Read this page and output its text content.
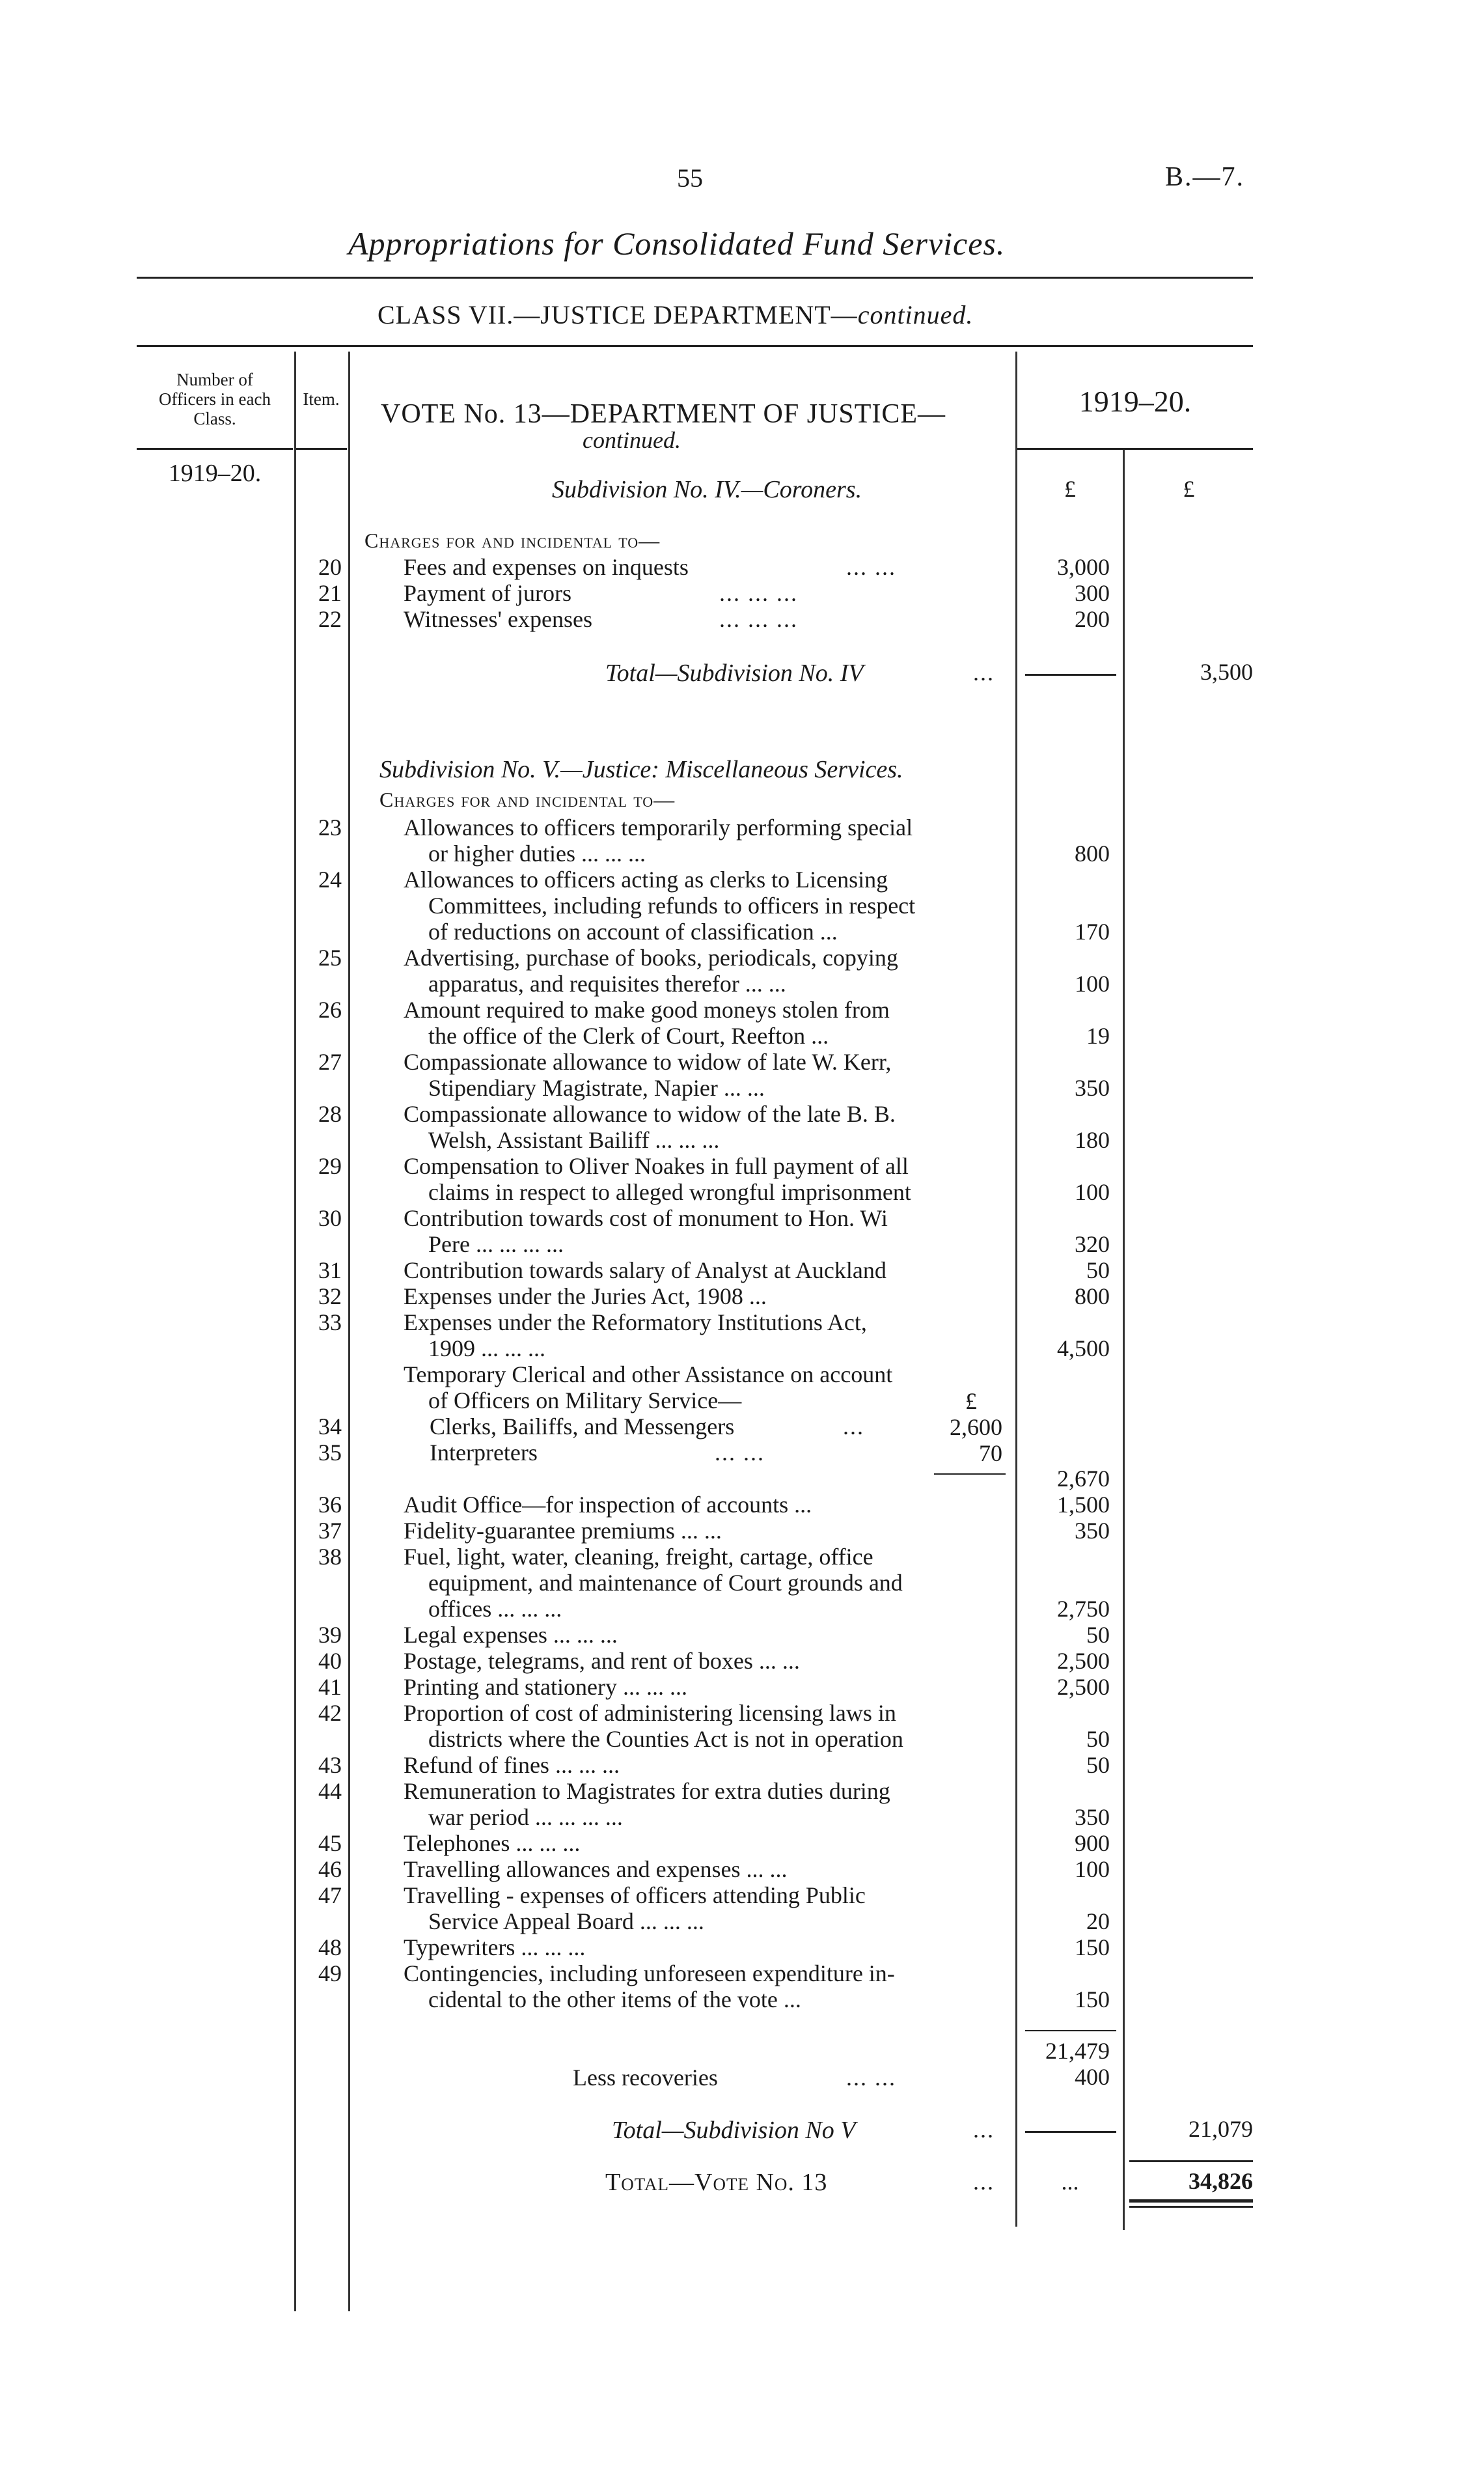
55	B.—7.
Appropriations for Consolidated Fund Services.
CLASS VII.—JUSTICE DEPARTMENT—continued.
Number of
Officers in each
Class.
Item.	VOTE No. 13—DEPARTMENT OF JUSTICE—
continued.
1919–20.
1919–20.
£	£
Subdivision No. IV.—Coroners.
Charges for and incidental to—
20	Fees and expenses on inquests	... ...	3,000
21	Payment of jurors	... ... ...	300
22	Witnesses' expenses	... ... ...	200
Total—Subdivision No. IV	...	3,500
Subdivision No. V.—Justice: Miscellaneous Services.
Charges for and incidental to—
23	Allowances to officers temporarily performing special
or higher duties ... ... ...	800
24	Allowances to officers acting as clerks to Licensing
Committees, including refunds to officers in respect
of reductions on account of classification ...	170
25	Advertising, purchase of books, periodicals, copying
apparatus, and requisites therefor ... ...	100
26	Amount required to make good moneys stolen from
the office of the Clerk of Court, Reefton ...	19
27	Compassionate allowance to widow of late W. Kerr,
Stipendiary Magistrate, Napier ... ...	350
28	Compassionate allowance to widow of the late B. B.
Welsh, Assistant Bailiff ... ... ...	180
29	Compensation to Oliver Noakes in full payment of all
claims in respect to alleged wrongful imprisonment	100
30	Contribution towards cost of monument to Hon. Wi
Pere ... ... ... ...	320
31	Contribution towards salary of Analyst at Auckland	50
32	Expenses under the Juries Act, 1908 ...	800
33	Expenses under the Reformatory Institutions Act,
1909 ... ... ...	4,500
Temporary Clerical and other Assistance on account
of Officers on Military Service—	£
34	Clerks, Bailiffs, and Messengers	...	2,600
35	Interpreters	... ...	70
2,670
36	Audit Office—for inspection of accounts ...	1,500
37	Fidelity-guarantee premiums ... ...	350
38	Fuel, light, water, cleaning, freight, cartage, office
equipment, and maintenance of Court grounds and
offices ... ... ...	2,750
39	Legal expenses ... ... ...	50
40	Postage, telegrams, and rent of boxes ... ...	2,500
41	Printing and stationery ... ... ...	2,500
42	Proportion of cost of administering licensing laws in
districts where the Counties Act is not in operation	50
43	Refund of fines ... ... ...	50
44	Remuneration to Magistrates for extra duties during
war period ... ... ... ...	350
45	Telephones ... ... ...	900
46	Travelling allowances and expenses ... ...	100
47	Travelling - expenses of officers attending Public
Service Appeal Board ... ... ...	20
48	Typewriters ... ... ...	150
49	Contingencies, including unforeseen expenditure in-
cidental to the other items of the vote ...	150
21,479
Less recoveries	... ...	400
Total—Subdivision No V	...	21,079
Total—Vote No. 13	...	...	34,826
